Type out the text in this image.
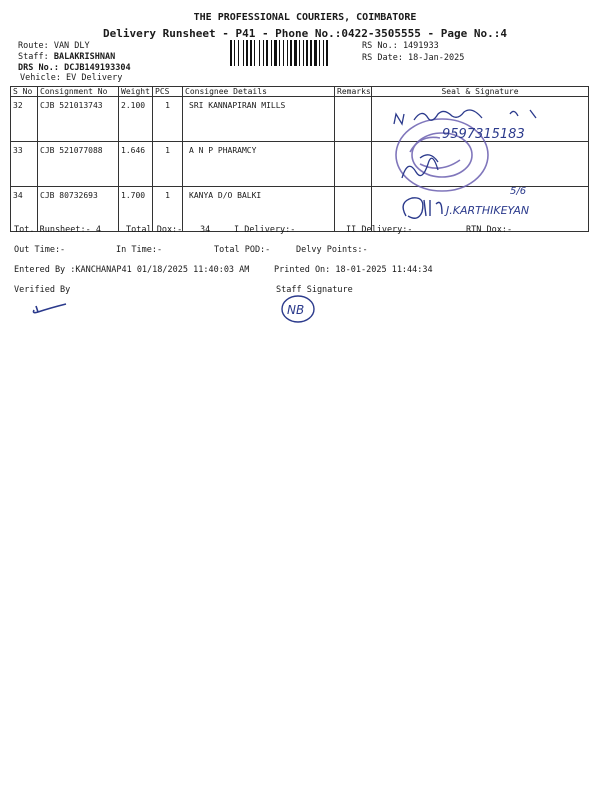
THE PROFESSIONAL COURIERS, COIMBATORE
Delivery Runsheet - P41 - Phone No.:0422-3505555 - Page No.:4
Route: VAN DLY
Staff: BALAKRISHNAN
DRS No.: DCJB149193304
Vehicle: EV Delivery
RS No.: 1491933
RS Date: 18-Jan-2025
S No	Consignment No	Weight	PCS	Consignee Details	Remarks	Seal & Signature
32	CJB 521013743	2.100	1	SRI KANNAPIRAN MILLS		
33	CJB 521077088	1.646	1	A N P PHARAMCY		
34	CJB 80732693	1.700	1	KANYA D/O BALKI		
9597315183
5/6
J.KARTHIKEYAN
Tot. Runsheet:- 4	Total Dox:- 34	I Delivery:-	II Delivery:-	RTN Dox:-
Out Time:-	In Time:-	Total POD:-	Delvy Points:-
Entered By :KANCHANAP41 01/18/2025 11:40:03 AM	Printed On: 18-01-2025 11:44:34
Verified By	Staff Signature
NB
